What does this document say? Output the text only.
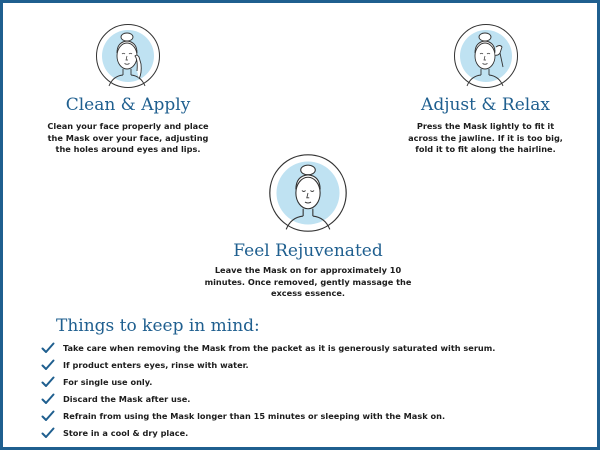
Clean & Apply

Clean your face properly and place the Mask over your face, adjusting the holes around eyes and lips.

Adjust & Relax

Press the Mask lightly to fit it across the jawline. If it is too big, fold it to fit along the hairline.

Feel Rejuvenated

Leave the Mask on for approximately 10 minutes. Once removed, gently massage the excess essence.

Things to keep in mind:
Take care when removing the Mask from the packet as it is generously saturated with serum.
If product enters eyes, rinse with water.
For single use only.
Discard the Mask after use.
Refrain from using the Mask longer than 15 minutes or sleeping with the Mask on.
Store in a cool & dry place.
